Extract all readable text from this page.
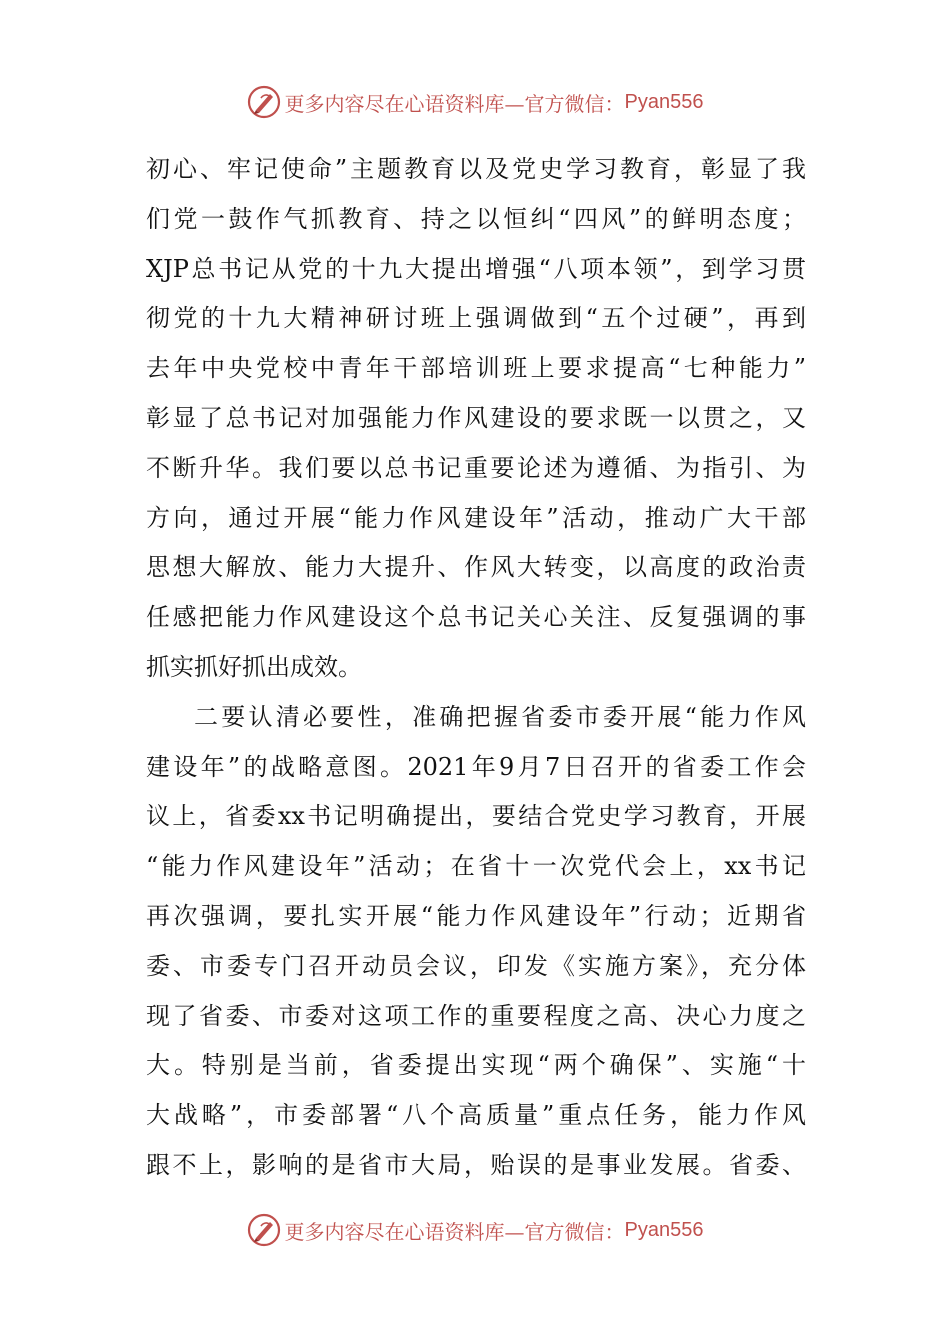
更多内容尽在心语资料库—官方微信： Pyan556
初心、牢记使命”主题教育以及党史学习教育，彰显了我
们党一鼓作气抓教育、持之以恒纠“四风”的鲜明态度；
XJP总书记从党的十九大提出增强“八项本领”，到学习贯
彻党的十九大精神研讨班上强调做到“五个过硬”，再到
去年中央党校中青年干部培训班上要求提高“七种能力”
彰显了总书记对加强能力作风建设的要求既一以贯之，又
不断升华。我们要以总书记重要论述为遵循、为指引、为
方向，通过开展“能力作风建设年”活动，推动广大干部
思想大解放、能力大提升、作风大转变，以高度的政治责
任感把能力作风建设这个总书记关心关注、反复强调的事
抓实抓好抓出成效。
二要认清必要性，准确把握省委市委开展“能力作风
建设年”的战略意图。2021年9月7日召开的省委工作会
议上，省委xx书记明确提出，要结合党史学习教育，开展
“能力作风建设年”活动；在省十一次党代会上，xx书记
再次强调，要扎实开展“能力作风建设年”行动；近期省
委、市委专门召开动员会议，印发《实施方案》，充分体
现了省委、市委对这项工作的重要程度之高、决心力度之
大。特别是当前，省委提出实现“两个确保”、实施“十
大战略”，市委部署“八个高质量”重点任务，能力作风
跟不上，影响的是省市大局，贻误的是事业发展。省委、
更多内容尽在心语资料库—官方微信： Pyan556
